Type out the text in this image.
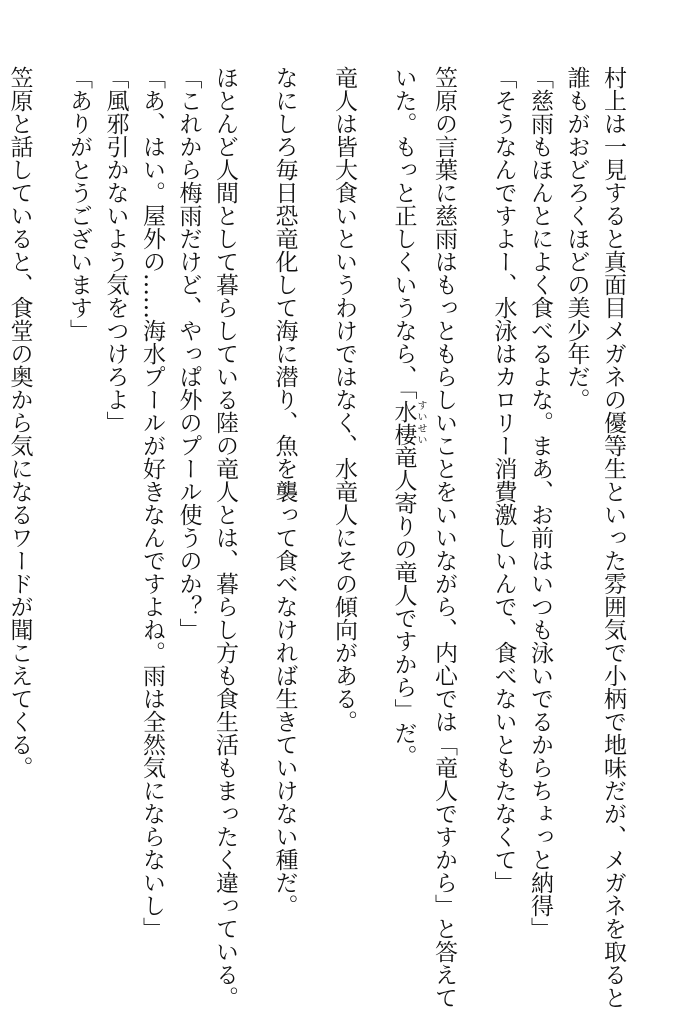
村上は一見すると真面目メガネの優等生といった雰囲気で小柄で地味だが、メガネを取ると
誰もがおどろくほどの美少年だ。
「慈雨もほんとによく食べるよな。まあ、お前はいつも泳いでるからちょっと納得」
「そうなんですよー、水泳はカロリー消費激しいんで、食べないともたなくて」
笠原の言葉に慈雨はもっともらしいことをいいながら、内心では「竜人ですから」と答えて
いた。もっと正しくいうなら、「水棲すいせい竜人寄りの竜人ですから」だ。
竜人は皆大食いというわけではなく、水竜人にその傾向がある。
なにしろ毎日恐竜化して海に潜り、魚を襲って食べなければ生きていけない種だ。
ほとんど人間として暮らしている陸の竜人とは、暮らし方も食生活もまったく違っている。
「これから梅雨だけど、やっぱ外のプール使うのか？」
「あ、はい。屋外の……海水プールが好きなんですよね。雨は全然気にならないし」
「風邪引かないよう気をつけろよ」
「ありがとうございます」
笠原と話していると、食堂の奥から気になるワードが聞こえてくる。
